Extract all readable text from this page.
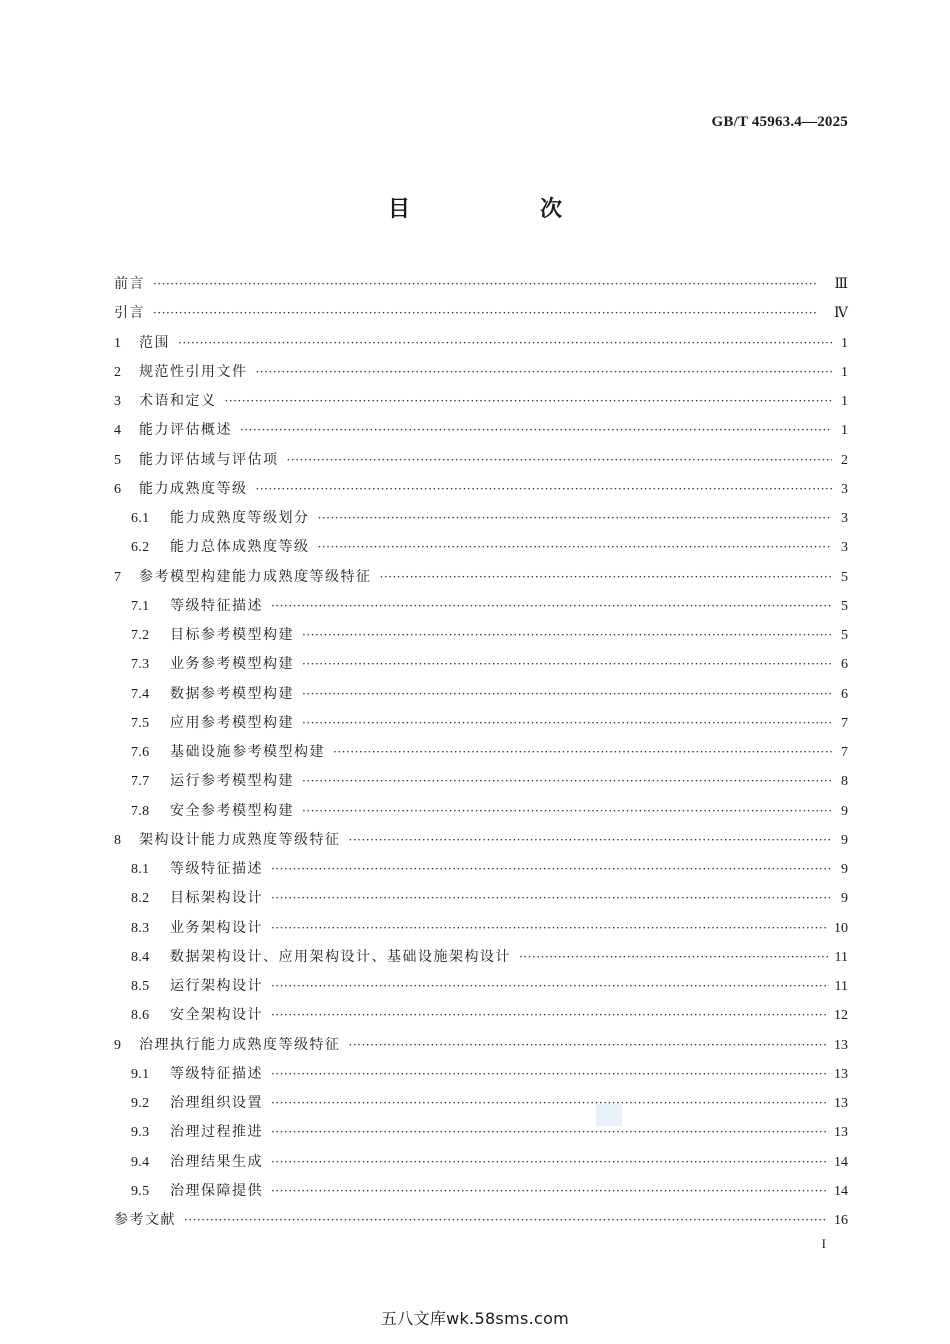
GB/T 45963.4—2025
目　次
前言 ·····	Ⅲ
引言 ·····	Ⅳ
1	范围 ·····	1
2	规范性引用文件 ·····	1
3	术语和定义 ·····	1
4	能力评估概述 ·····	1
5	能力评估域与评估项 ·····	2
6	能力成熟度等级 ·····	3
6.1	能力成熟度等级划分 ·····	3
6.2	能力总体成熟度等级 ·····	3
7	参考模型构建能力成熟度等级特征 ·····	5
7.1	等级特征描述 ·····	5
7.2	目标参考模型构建 ·····	5
7.3	业务参考模型构建 ·····	6
7.4	数据参考模型构建 ·····	6
7.5	应用参考模型构建 ·····	7
7.6	基础设施参考模型构建 ·····	7
7.7	运行参考模型构建 ·····	8
7.8	安全参考模型构建 ·····	9
8	架构设计能力成熟度等级特征 ·····	9
8.1	等级特征描述 ·····	9
8.2	目标架构设计 ·····	9
8.3	业务架构设计 ·····	10
8.4	数据架构设计、应用架构设计、基础设施架构设计 ·····	11
8.5	运行架构设计 ·····	11
8.6	安全架构设计 ·····	12
9	治理执行能力成熟度等级特征 ·····	13
9.1	等级特征描述 ·····	13
9.2	治理组织设置 ·····	13
9.3	治理过程推进 ·····	13
9.4	治理结果生成 ·····	14
9.5	治理保障提供 ·····	14
参考文献 ·····	16
I
五八文库wk.58sms.com
